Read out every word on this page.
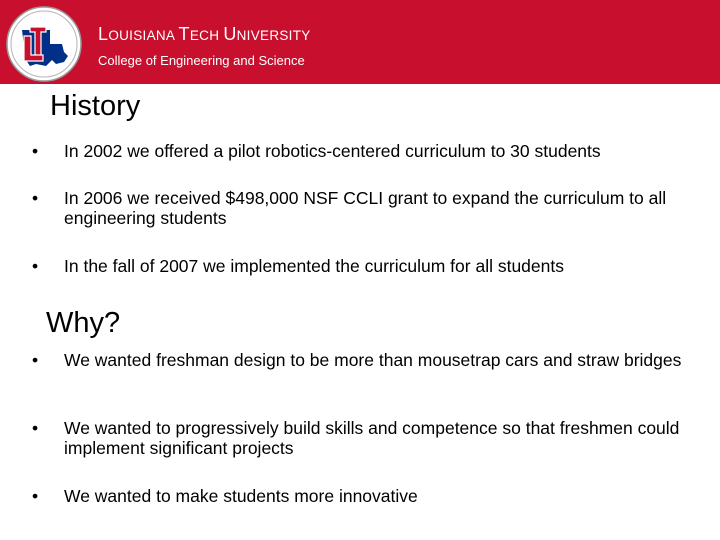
LOUISIANA TECH UNIVERSITY
College of Engineering and Science
History
• In 2002 we offered a pilot robotics-centered curriculum to 30 students
• In 2006 we received $498,000 NSF CCLI grant to expand the curriculum to all engineering students
• In the fall of 2007 we implemented the curriculum for all students
Why?
• We wanted freshman design to be more than mousetrap cars and straw bridges
• We wanted to progressively build skills and competence so that freshmen could implement significant projects
• We wanted to make students more innovative
